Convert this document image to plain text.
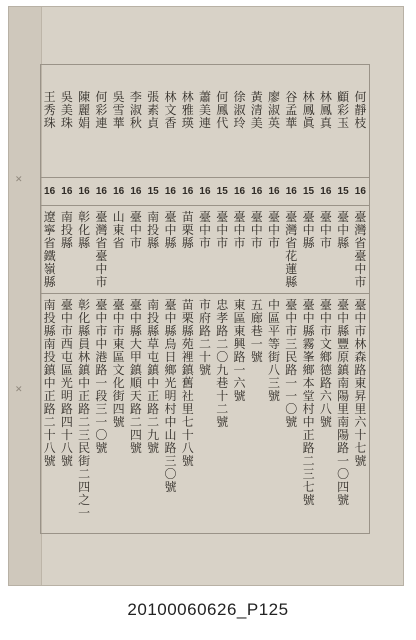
✕
✕
何
靜
枝
16
臺
灣
省
臺
中
市
臺
中
市
林
森
路
東
昇
里
六
十
七
號
顧
彩
玉
15
臺
中
縣
臺
中
縣
豐
原
鎮
南
陽
里
南
陽
路
一
〇
四
號
林
鳳
真
16
臺
中
市
臺
中
市
文
鄉
德
路
六
八
號
林
鳳
眞
15
臺
中
縣
臺
中
縣
霧
峯
鄉
本
堂
村
中
正
路
二
三
七
號
谷
孟
華
16
臺
灣
省
花
蓮
縣
臺
中
市
三
民
路
一
一
〇
號
廖
淑
英
16
臺
中
市
中
區
平
等
街
八
三
號
黃
清
美
16
臺
中
市
五
廊
巷
一
號
徐
淑
玲
16
臺
中
市
東
區
東
興
路
一
六
號
何
鳳
代
15
臺
中
市
忠
孝
路
二
〇
九
巷
十
二
號
蕭
美
連
16
臺
中
市
市
府
路
二
十
號
林
雅
瑛
16
苗
栗
縣
苗
栗
縣
苑
裡
鎮
舊
社
里
七
十
八
號
林
文
香
16
臺
中
縣
臺
中
縣
烏
日
鄉
光
明
村
中
山
路
三
〇
號
張
素
貞
15
南
投
縣
南
投
縣
草
屯
鎮
中
正
路
二
九
號
李
淑
秋
16
臺
中
市
臺
中
縣
大
甲
鎮
順
天
路
二
四
號
吳
雪
華
16
山
東
省
臺
中
市
東
區
文
化
街
四
號
何
彩
連
16
臺
灣
省
臺
中
市
臺
中
市
中
港
路
一
段
三
一
〇
號
陳
麗
娟
16
彰
化
縣
彰
化
縣
員
林
鎮
中
正
路
二
三
民
街
二
四
之
一
吳
美
珠
16
南
投
縣
臺
中
市
西
屯
區
光
明
路
四
十
八
號
王
秀
珠
16
遼
寧
省
鐵
嶺
縣
南
投
縣
南
投
鎮
中
正
路
二
十
八
號
20100060626_P125
